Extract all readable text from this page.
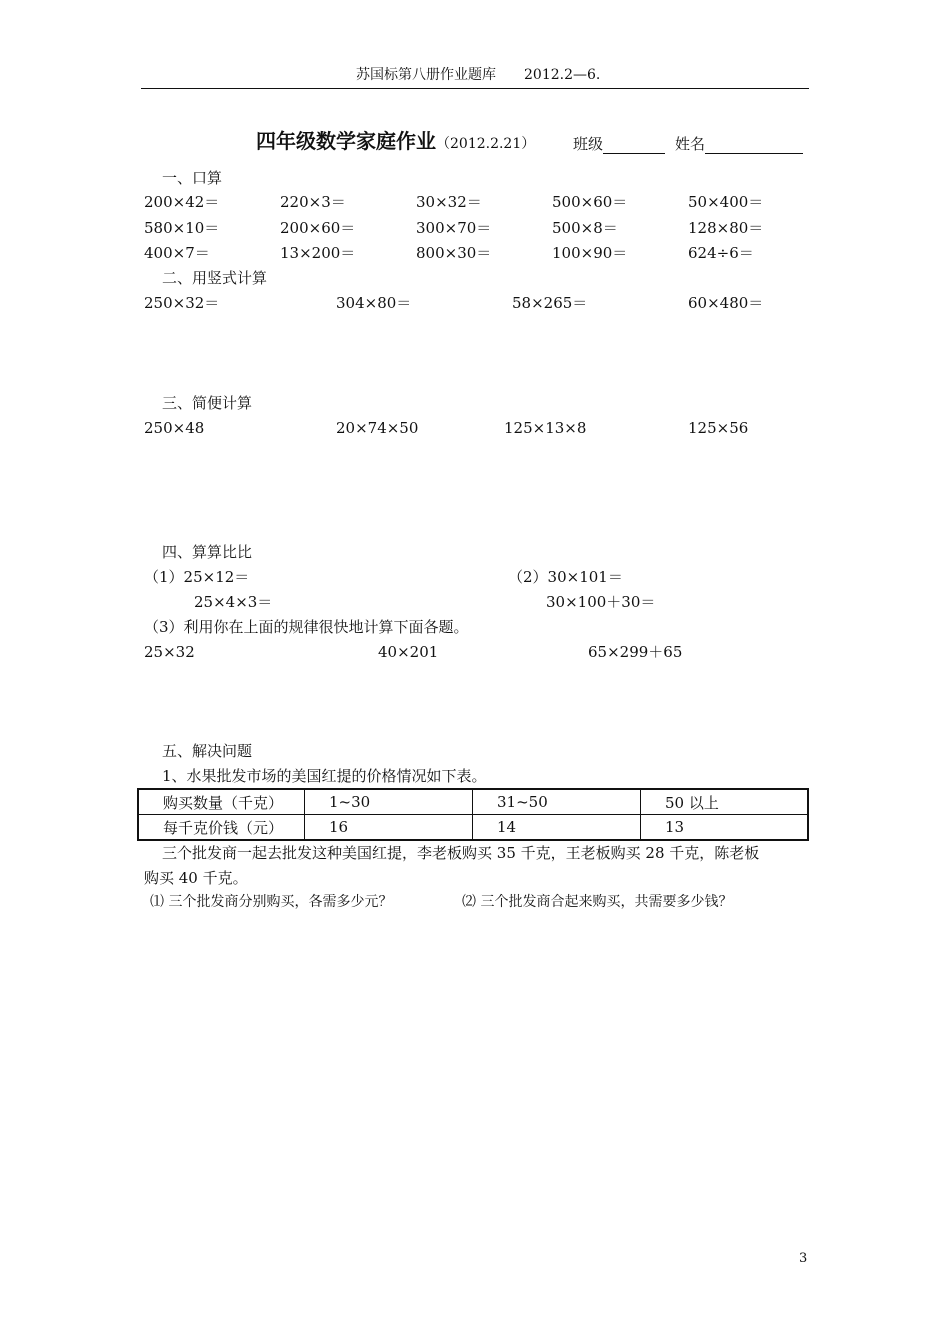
苏国标第八册作业题库　　2012.2—6.
四年级数学家庭作业（2012.2.21）	班级	姓名
一、口算
200×42＝	220×3＝	30×32＝	500×60＝	50×400＝
580×10＝	200×60＝	300×70＝	500×8＝	128×80＝
400×7＝	13×200＝	800×30＝	100×90＝	624÷6＝
二、用竖式计算
250×32＝	304×80＝	58×265＝	60×480＝
三、简便计算
250×48	20×74×50	125×13×8	125×56
四、算算比比
（1）25×12＝	（2）30×101＝
25×4×3＝	30×100＋30＝
（3）利用你在上面的规律很快地计算下面各题。
25×32	40×201	65×299＋65
五、解决问题
1、水果批发市场的美国红提的价格情况如下表。
购买数量（千克）	1~30	31~50	50 以上
每千克价钱（元）	16	14	13
三个批发商一起去批发这种美国红提，李老板购买 35 千克，王老板购买 28 千克，陈老板
购买 40 千克。
⑴ 三个批发商分别购买，各需多少元？	⑵ 三个批发商合起来购买，共需要多少钱？
3
